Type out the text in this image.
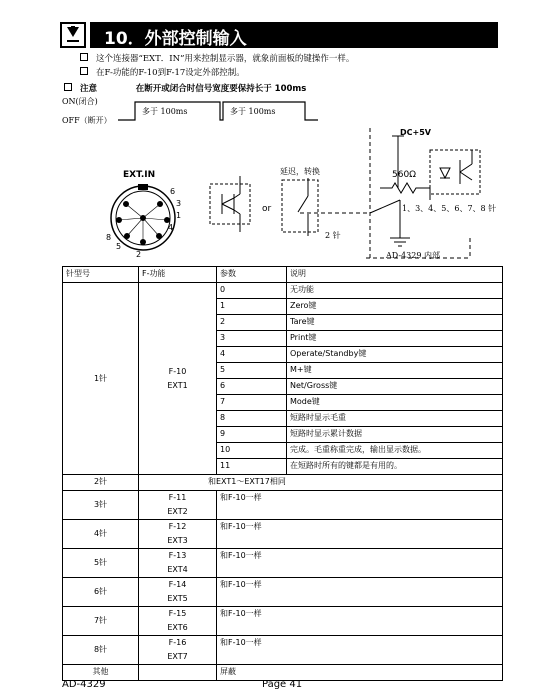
10．外部控制输入
这个连接器“EXT．IN”用来控制显示器，就象前面板的键操作一样。
在F-功能的F-10到F-17设定外部控制。
注意	在断开或闭合时信号宽度要保持长于 100ms
ON(闭合)
OFF（断开）
多于 100ms	多于 100ms
EXT.IN
6
3
1
4
8
5
2
or
延迟，转换
DC+5V
560Ω
1、3、4、5、6、7、8 针
2 针
AD-4329 内部
针型号	F-功能	参数	说明
1针	F-10
EXT1	0	无功能
		1	Zero键
		2	Tare键
		3	Print键
		4	Operate/Standby键
		5	M+键
		6	Net/Gross键
		7	Mode键
		8	短路时显示毛重
		9	短路时显示累计数据
		10	完成。毛重称重完成，输出显示数据。
		11	在短路时所有的键都是有用的。
2针	和EXT1～EXT17相同		
3针	F-11
EXT2	和F-10一样	
4针	F-12
EXT3	和F-10一样	
5针	F-13
EXT4	和F-10一样	
6针	F-14
EXT5	和F-10一样	
7针	F-15
EXT6	和F-10一样	
8针	F-16
EXT7	和F-10一样	
其他		屏蔽	
AD-4329	Page 41
